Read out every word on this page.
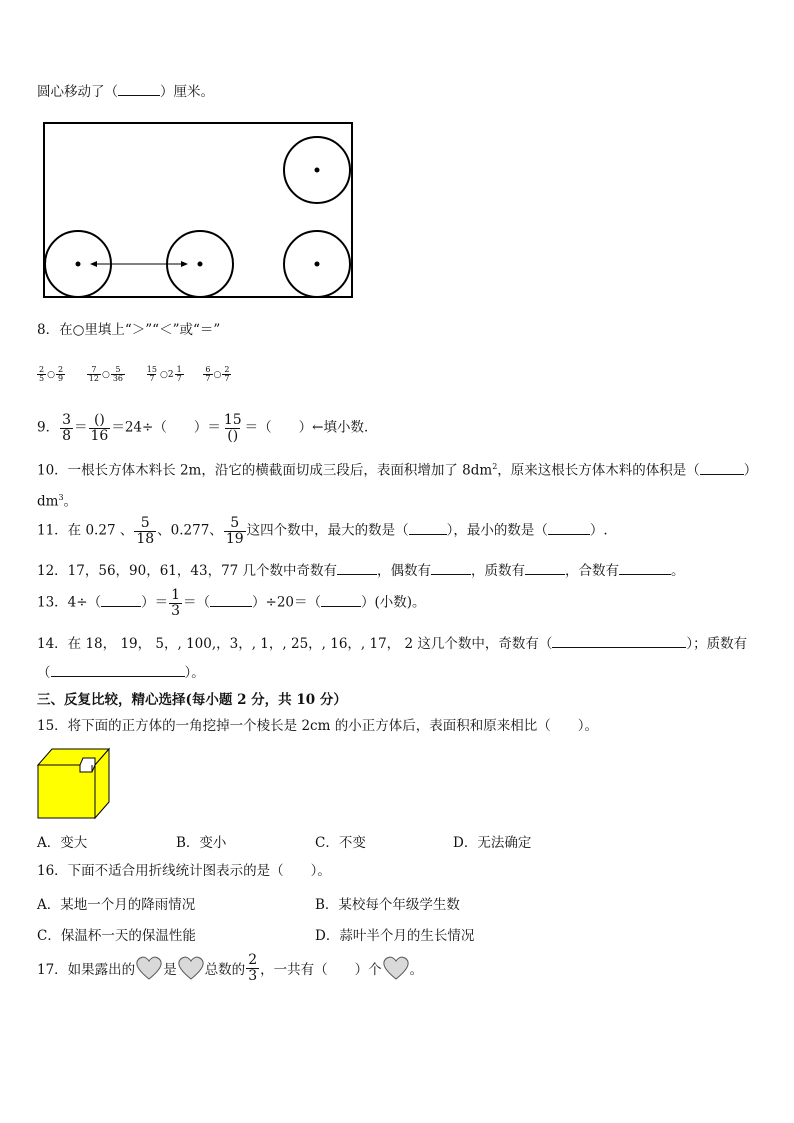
圆心移动了（	）厘米。
8．在○里填上“＞”“＜”或“＝”
$\frac{2}{5}$ ○ $\frac{2}{9}$
	$\frac{7}{12}$ ○ $\frac{5}{36}$
$\frac{15}{7}$ ○2 $\frac{1}{7}$
$\frac{6}{7}$ ○ $\frac{2}{7}$
9． $\frac{3}{8} = \frac{()}{16} =24\div$（　　）＝ $\frac{15}{()}$ ＝（　　）←填小数．
10．一根长方体木料长 2m，沿它的横截面切成三段后，表面积增加了 $8dm^2$，原来这根长方体木料的体积是（	）
$dm^3$。
11．在 0.27 、 $\frac{5}{18}$ 、0.277、 $\frac{5}{19}$ 这四个数中，最大的数是（	），最小的数是（	）.
12．17，56，90，61，43，77 几个数中奇数有	，偶数有	，质数有	，合数有	。
13．4÷（	）＝ $\frac{1}{3}$ ＝（	）÷20＝（	）(小数)。
14．在 18， 19， 5，, 100,，3，, 1，, 25，, 16，, 17， 2 这几个数中，奇数有（	）；质数有
（	）。
三、反复比较，精心选择(每小题 2 分，共 10 分）
15．将下面的正方体的一角挖掉一个棱长是 2cm 的小正方体后，表面积和原来相比（　　）。
A．变大	B．变小	C．不变	D．无法确定
16．下面不适合用折线统计图表示的是（　　）。
A．某地一个月的降雨情况	B．某校每个年级学生数
C．保温杯一天的保温性能	D．蒜叶半个月的生长情况
17．如果露出的 是 总数的 $\frac{2}{3}$ ，一共有（　　）个 。
